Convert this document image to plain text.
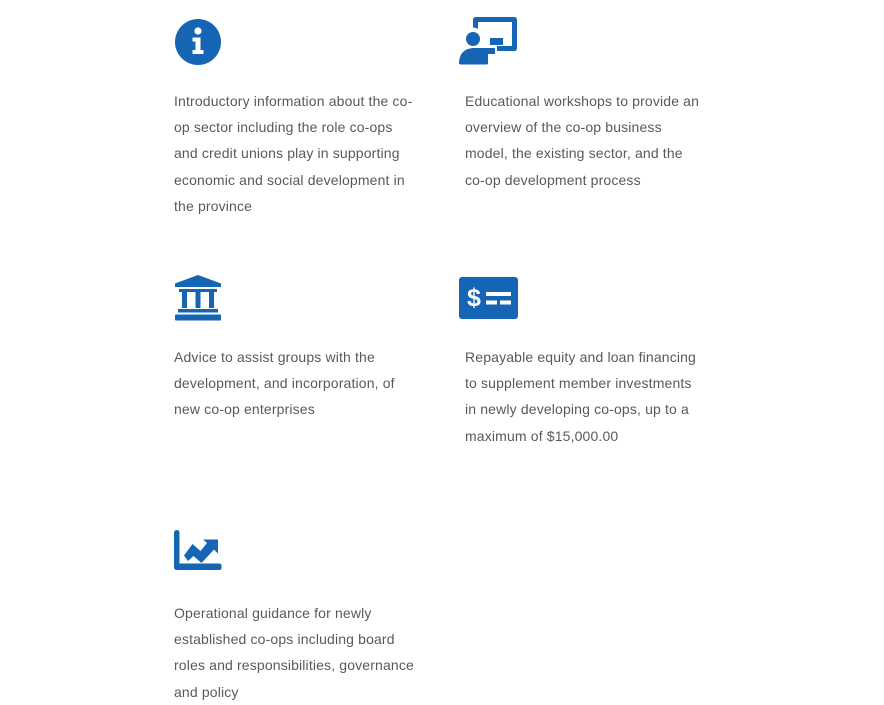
Introductory information about the co-op sector including the role co-ops and credit unions play in supporting economic and social development in the province

Educational workshops to provide an overview of the co-op business model, the existing sector, and the co-op development process

Advice to assist groups with the development, and incorporation, of new co-op enterprises

$

Repayable equity and loan financing to supplement member investments in newly developing co-ops, up to a maximum of $15,000.00

Operational guidance for newly established co-ops including board roles and responsibilities, governance and policy
